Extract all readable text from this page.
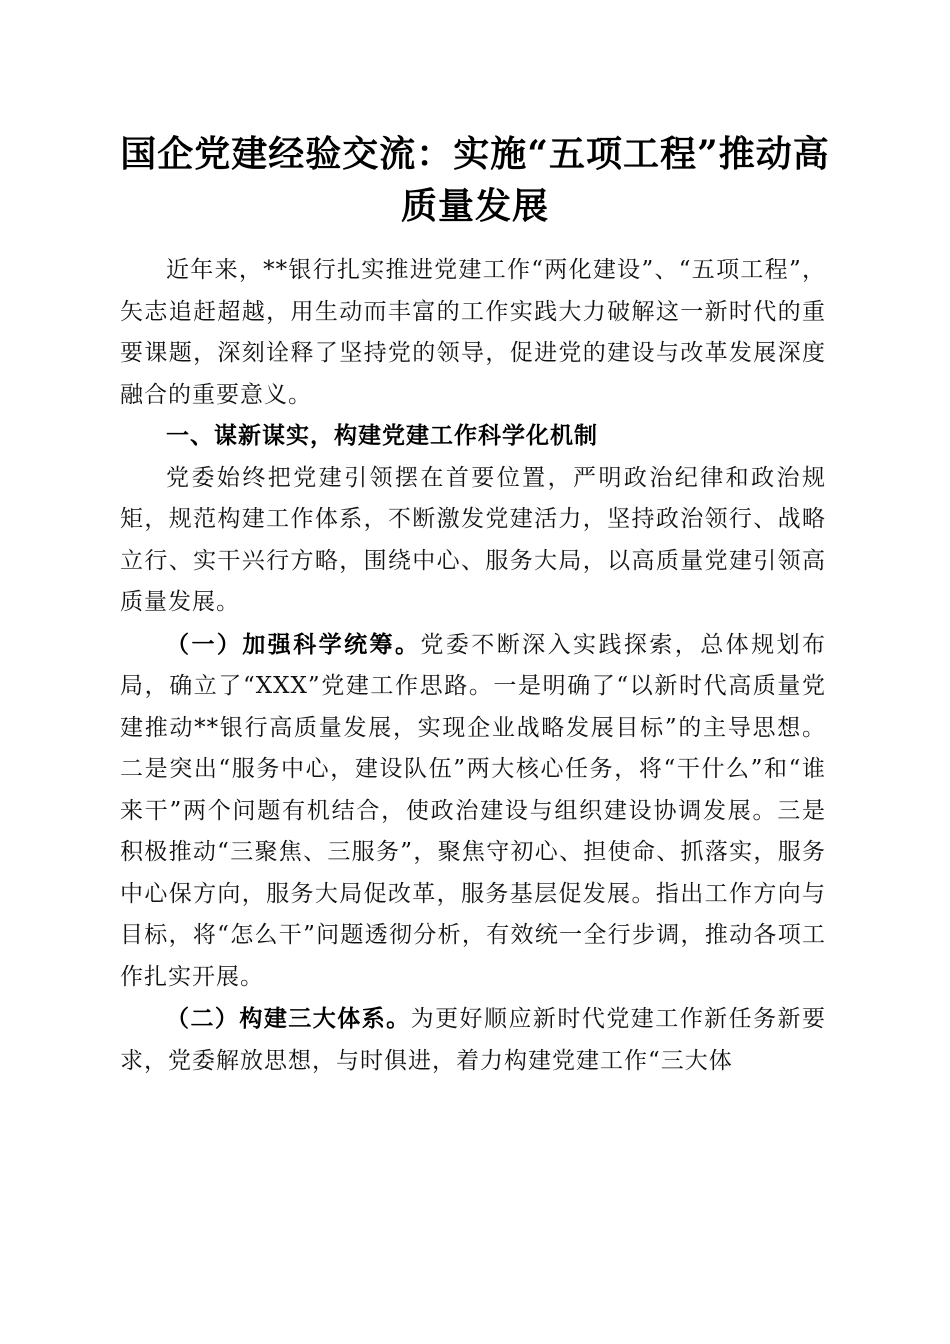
国企党建经验交流：实施“五项工程”推动高质量发展

近年来，**银行扎实推进党建工作“两化建设”、“五项工程”，矢志追赶超越，用生动而丰富的工作实践大力破解这一新时代的重要课题，深刻诠释了坚持党的领导，促进党的建设与改革发展深度融合的重要意义。

一、谋新谋实，构建党建工作科学化机制

党委始终把党建引领摆在首要位置，严明政治纪律和政治规矩，规范构建工作体系，不断激发党建活力，坚持政治领行、战略立行、实干兴行方略，围绕中心、服务大局，以高质量党建引领高质量发展。

（一）加强科学统筹。党委不断深入实践探索，总体规划布局，确立了“XXX”党建工作思路。一是明确了“以新时代高质量党建推动**银行高质量发展，实现企业战略发展目标”的主导思想。二是突出“服务中心，建设队伍”两大核心任务，将“干什么”和“谁来干”两个问题有机结合，使政治建设与组织建设协调发展。三是积极推动“三聚焦、三服务”，聚焦守初心、担使命、抓落实，服务中心保方向，服务大局促改革，服务基层促发展。指出工作方向与目标，将“怎么干”问题透彻分析，有效统一全行步调，推动各项工作扎实开展。

（二）构建三大体系。为更好顺应新时代党建工作新任务新要求，党委解放思想，与时俱进，着力构建党建工作“三大体
